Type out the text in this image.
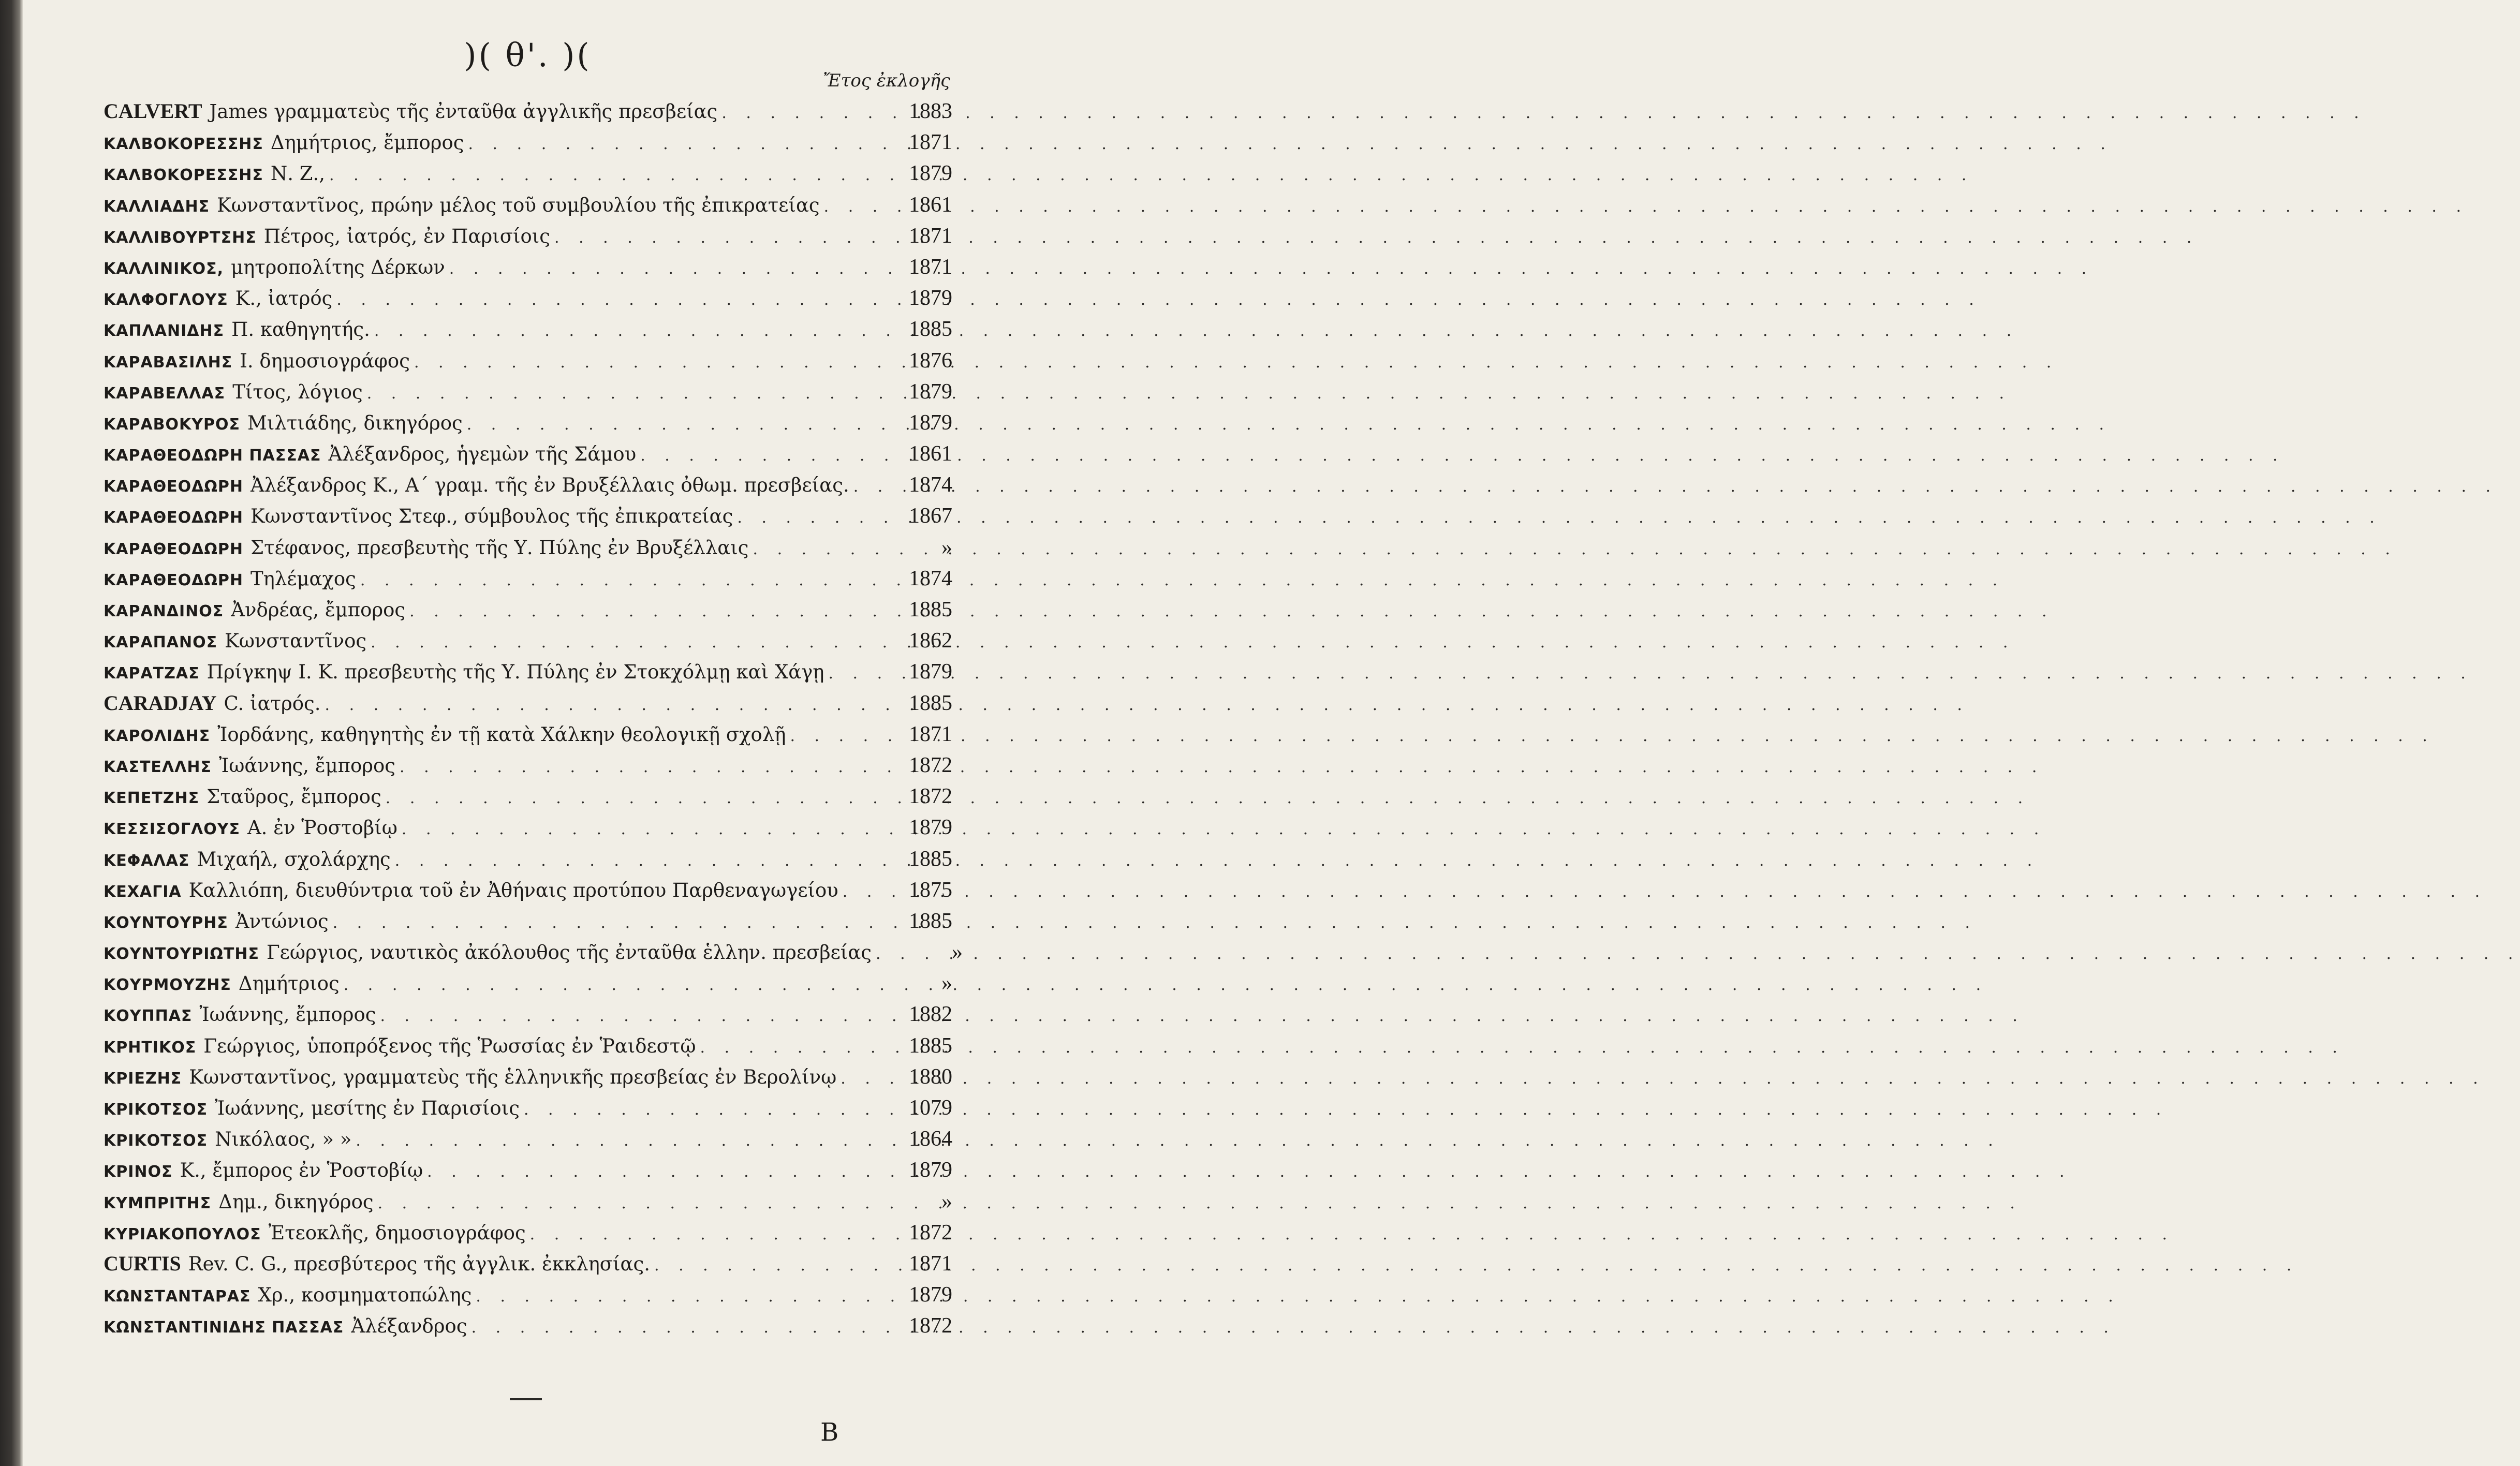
)( θ'. )(
Ἔτος ἐκλογῆς
CALVERT James γραμματεὺς τῆς ἐνταῦθα ἀγγλικῆς πρεσβείας . . .	1883
ΚΑΛΒΟΚΟΡΕΣΣΗΣ Δημήτριος, ἔμπορος . . .	1871
ΚΑΛΒΟΚΟΡΕΣΣΗΣ Ν. Ζ., . . .	1879
ΚΑΛΛΙΑΔΗΣ Κωνσταντῖνος, πρώην μέλος τοῦ συμβουλίου τῆς ἐπικρατείας . . .	1861
ΚΑΛΛΙΒΟΥΡΤΣΗΣ Πέτρος, ἰατρός, ἐν Παρισίοις . . .	1871
ΚΑΛΛΙΝΙΚΟΣ, μητροπολίτης Δέρκων . . .	1871
ΚΑΛΦΟΓΛΟΥΣ Κ., ἰατρός . . .	1879
ΚΑΠΛΑΝΙΔΗΣ Π. καθηγητής. . . .	1885
ΚΑΡΑΒΑΣΙΛΗΣ Ι. δημοσιογράφος . . .	1876
ΚΑΡΑΒΕΛΛΑΣ Τίτος, λόγιος . . .	1879
ΚΑΡΑΒΟΚΥΡΟΣ Μιλτιάδης, δικηγόρος . . .	1879
ΚΑΡΑΘΕΟΔΩΡΗ ΠΑΣΣΑΣ Ἀλέξανδρος, ἡγεμὼν τῆς Σάμου . . .	1861
ΚΑΡΑΘΕΟΔΩΡΗ Ἀλέξανδρος Κ., Α΄ γραμ. τῆς ἐν Βρυξέλλαις ὀθωμ. πρεσβείας. . . .	1874
ΚΑΡΑΘΕΟΔΩΡΗ Κωνσταντῖνος Στεφ., σύμβουλος τῆς ἐπικρατείας . . .	1867
ΚΑΡΑΘΕΟΔΩΡΗ Στέφανος, πρεσβευτὴς τῆς Υ. Πύλης ἐν Βρυξέλλαις . . .	»
ΚΑΡΑΘΕΟΔΩΡΗ Τηλέμαχος . . .	1874
ΚΑΡΑΝΔΙΝΟΣ Ἀνδρέας, ἔμπορος . . .	1885
ΚΑΡΑΠΑΝΟΣ Κωνσταντῖνος . . .	1862
ΚΑΡΑΤΖΑΣ Πρίγκηψ Ι. Κ. πρεσβευτὴς τῆς Υ. Πύλης ἐν Στοκχόλμῃ καὶ Χάγῃ . . .	1879
CARADJAY C. ἰατρός. . . .	1885
ΚΑΡΟΛΙΔΗΣ Ἰορδάνης, καθηγητὴς ἐν τῇ κατὰ Χάλκην θεολογικῇ σχολῇ . . .	1871
ΚΑΣΤΕΛΛΗΣ Ἰωάννης, ἔμπορος . . .	1872
ΚΕΠΕΤΖΗΣ Σταῦρος, ἔμπορος . . .	1872
ΚΕΣΣΙΣΟΓΛΟΥΣ Α. ἐν Ῥοστοβίῳ . . .	1879
ΚΕΦΑΛΑΣ Μιχαήλ, σχολάρχης . . .	1885
ΚΕΧΑΓΙΑ Καλλιόπη, διευθύντρια τοῦ ἐν Ἀθήναις προτύπου Παρθεναγωγείου . . .	1875
ΚΟΥΝΤΟΥΡΗΣ Ἀντώνιος . . .	1885
ΚΟΥΝΤΟΥΡΙΩΤΗΣ Γεώργιος, ναυτικὸς ἀκόλουθος τῆς ἐνταῦθα ἑλλην. πρεσβείας . . .	»
ΚΟΥΡΜΟΥΖΗΣ Δημήτριος . . .	»
ΚΟΥΠΠΑΣ Ἰωάννης, ἔμπορος . . .	1882
ΚΡΗΤΙΚΟΣ Γεώργιος, ὑποπρόξενος τῆς Ῥωσσίας ἐν Ῥαιδεστῷ . . .	1885
ΚΡΙΕΖΗΣ Κωνσταντῖνος, γραμματεὺς τῆς ἑλληνικῆς πρεσβείας ἐν Βερολίνῳ . . .	1880
ΚΡΙΚΟΤΣΟΣ Ἰωάννης, μεσίτης ἐν Παρισίοις . . .	1079
ΚΡΙΚΟΤΣΟΣ Νικόλαος, » » . . .	1864
ΚΡΙΝΟΣ Κ., ἔμπορος ἐν Ῥοστοβίῳ . . .	1879
ΚΥΜΠΡΙΤΗΣ Δημ., δικηγόρος . . .	»
ΚΥΡΙΑΚΟΠΟΥΛΟΣ Ἐτεοκλῆς, δημοσιογράφος . . .	1872
CURTIS Rev. C. G., πρεσβύτερος τῆς ἀγγλικ. ἐκκλησίας. . . .	1871
ΚΩΝΣΤΑΝΤΑΡΑΣ Χρ., κοσμηματοπώλης . . .	1879
ΚΩΝΣΤΑΝΤΙΝΙΔΗΣ ΠΑΣΣΑΣ Ἀλέξανδρος . . .	1872
B
